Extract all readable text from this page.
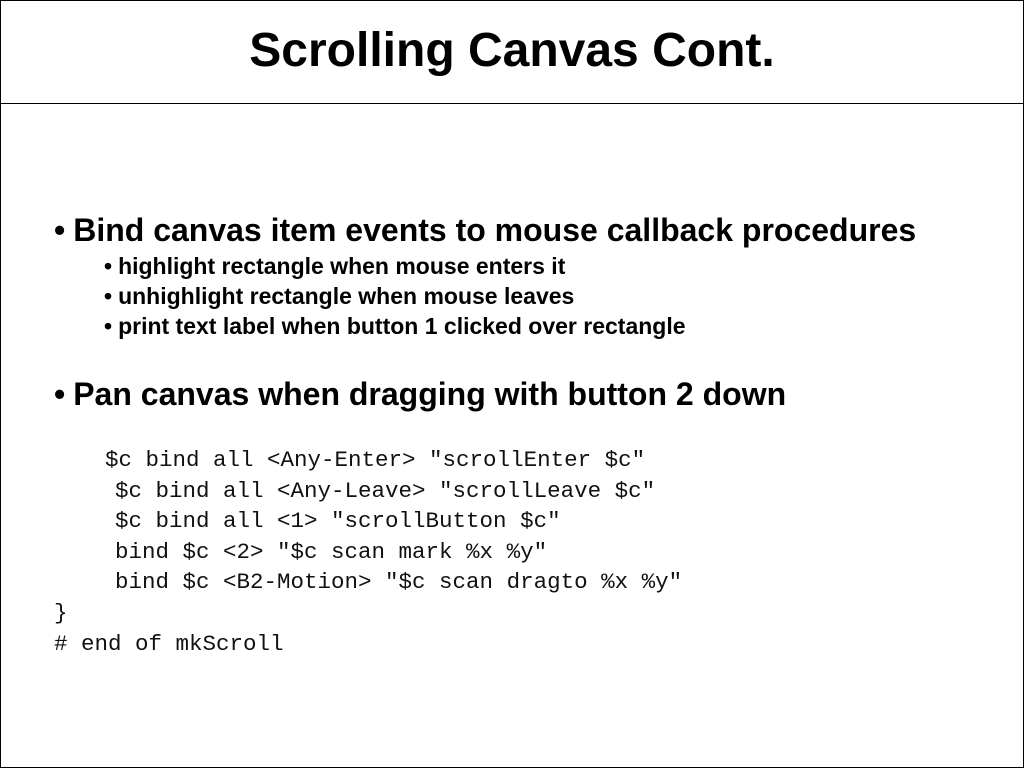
Scrolling Canvas Cont.
• Bind canvas item events to mouse callback procedures
• highlight rectangle when mouse enters it
• unhighlight rectangle when mouse leaves
• print text label when button 1 clicked over rectangle
• Pan canvas when dragging with button 2 down
$c bind all <Any-Enter> "scrollEnter $c"
$c bind all <Any-Leave> "scrollLeave $c"
$c bind all <1> "scrollButton $c"
bind $c <2> "$c scan mark %x %y"
bind $c <B2-Motion> "$c scan dragto %x %y"
}
# end of mkScroll
